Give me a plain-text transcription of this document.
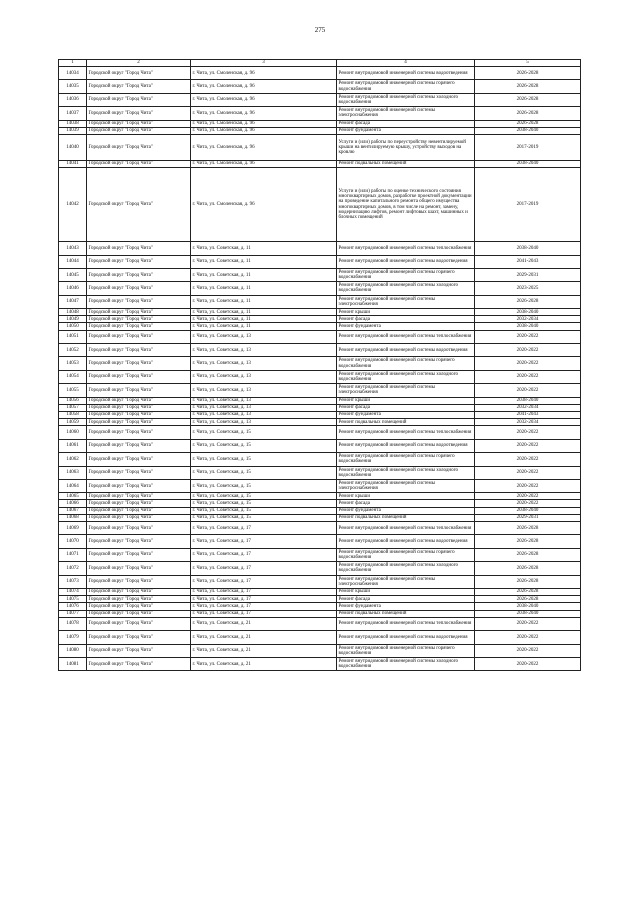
275
1	2	3	4	5
14034	Городской округ "Город Чита"	г. Чита, ул. Смоленская, д. 96	Ремонт внутридомовой инженерной системы водоотведения	2026-2028
14035	Городской округ "Город Чита"	г. Чита, ул. Смоленская, д. 96	Ремонт внутридомовой инженерной системы горячего водоснабжения	2026-2028
14036	Городской округ "Город Чита"	г. Чита, ул. Смоленская, д. 96	Ремонт внутридомовой инженерной системы холодного водоснабжения	2026-2028
14037	Городской округ "Город Чита"	г. Чита, ул. Смоленская, д. 96	Ремонт внутридомовой инженерной системы электроснабжения	2026-2028
14038	Городской округ "Город Чита"	г. Чита, ул. Смоленская, д. 96	Ремонт фасада	2026-2028
14039	Городской округ "Город Чита"	г. Чита, ул. Смоленская, д. 96	Ремонт фундамента	2038-2040
14040	Городской округ "Город Чита"	г. Чита, ул. Смоленская, д. 96	Услуги и (или) работы по переустройству невентилируемой крыши на вентилируемую крышу, устройству выходов на кровлю	2017-2019
14041	Городской округ "Город Чита"	г. Чита, ул. Смоленская, д. 96	Ремонт подвальных помещений	2038-2040
14042	Городской округ "Город Чита"	г. Чита, ул. Смоленская, д. 96	Услуги и (или) работы по оценке технического состояния многоквартирных домов, разработке проектной документации на проведение капитального ремонта общего имущества многоквартирных домов, в том числе на ремонт, замену, модернизацию лифтов, ремонт лифтовых шахт, машинных и блочных помещений	2017-2019
14043	Городской округ "Город Чита"	г. Чита, ул. Советская, д. 11	Ремонт внутридомовой инженерной системы теплоснабжения	2038-2040
14044	Городской округ "Город Чита"	г. Чита, ул. Советская, д. 11	Ремонт внутридомовой инженерной системы водоотведения	2041-2043
14045	Городской округ "Город Чита"	г. Чита, ул. Советская, д. 11	Ремонт внутридомовой инженерной системы горячего водоснабжения	2029-2031
14046	Городской округ "Город Чита"	г. Чита, ул. Советская, д. 11	Ремонт внутридомовой инженерной системы холодного водоснабжения	2023-2025
14047	Городской округ "Город Чита"	г. Чита, ул. Советская, д. 11	Ремонт внутридомовой инженерной системы электроснабжения	2026-2028
14048	Городской округ "Город Чита"	г. Чита, ул. Советская, д. 11	Ремонт крыши	2038-2040
14049	Городской округ "Город Чита"	г. Чита, ул. Советская, д. 11	Ремонт фасада	2032-2034
14050	Городской округ "Город Чита"	г. Чита, ул. Советская, д. 11	Ремонт фундамента	2038-2040
14051	Городской округ "Город Чита"	г. Чита, ул. Советская, д. 13	Ремонт внутридомовой инженерной системы теплоснабжения	2020-2022
14052	Городской округ "Город Чита"	г. Чита, ул. Советская, д. 13	Ремонт внутридомовой инженерной системы водоотведения	2020-2022
14053	Городской округ "Город Чита"	г. Чита, ул. Советская, д. 13	Ремонт внутридомовой инженерной системы горячего водоснабжения	2020-2022
14054	Городской округ "Город Чита"	г. Чита, ул. Советская, д. 13	Ремонт внутридомовой инженерной системы холодного водоснабжения	2020-2022
14055	Городской округ "Город Чита"	г. Чита, ул. Советская, д. 13	Ремонт внутридомовой инженерной системы электроснабжения	2020-2022
14056	Городской округ "Город Чита"	г. Чита, ул. Советская, д. 13	Ремонт крыши	2038-2040
14057	Городской округ "Город Чита"	г. Чита, ул. Советская, д. 13	Ремонт фасада	2032-2034
14058	Городской округ "Город Чита"	г. Чита, ул. Советская, д. 13	Ремонт фундамента	2041-2043
14059	Городской округ "Город Чита"	г. Чита, ул. Советская, д. 13	Ремонт подвальных помещений	2032-2034
14060	Городской округ "Город Чита"	г. Чита, ул. Советская, д. 15	Ремонт внутридомовой инженерной системы теплоснабжения	2020-2022
14061	Городской округ "Город Чита"	г. Чита, ул. Советская, д. 15	Ремонт внутридомовой инженерной системы водоотведения	2020-2022
14062	Городской округ "Город Чита"	г. Чита, ул. Советская, д. 15	Ремонт внутридомовой инженерной системы горячего водоснабжения	2020-2022
14063	Городской округ "Город Чита"	г. Чита, ул. Советская, д. 15	Ремонт внутридомовой инженерной системы холодного водоснабжения	2020-2022
14064	Городской округ "Город Чита"	г. Чита, ул. Советская, д. 15	Ремонт внутридомовой инженерной системы электроснабжения	2020-2022
14065	Городской округ "Город Чита"	г. Чита, ул. Советская, д. 15	Ремонт крыши	2020-2022
14066	Городской округ "Город Чита"	г. Чита, ул. Советская, д. 15	Ремонт фасада	2020-2022
14067	Городской округ "Город Чита"	г. Чита, ул. Советская, д. 15	Ремонт фундамента	2038-2040
14068	Городской округ "Город Чита"	г. Чита, ул. Советская, д. 15	Ремонт подвальных помещений	2029-2031
14069	Городской округ "Город Чита"	г. Чита, ул. Советская, д. 17	Ремонт внутридомовой инженерной системы теплоснабжения	2026-2028
14070	Городской округ "Город Чита"	г. Чита, ул. Советская, д. 17	Ремонт внутридомовой инженерной системы водоотведения	2026-2028
14071	Городской округ "Город Чита"	г. Чита, ул. Советская, д. 17	Ремонт внутридомовой инженерной системы горячего водоснабжения	2026-2028
14072	Городской округ "Город Чита"	г. Чита, ул. Советская, д. 17	Ремонт внутридомовой инженерной системы холодного водоснабжения	2026-2028
14073	Городской округ "Город Чита"	г. Чита, ул. Советская, д. 17	Ремонт внутридомовой инженерной системы электроснабжения	2026-2028
14074	Городской округ "Город Чита"	г. Чита, ул. Советская, д. 17	Ремонт крыши	2026-2028
14075	Городской округ "Город Чита"	г. Чита, ул. Советская, д. 17	Ремонт фасада	2026-2028
14076	Городской округ "Город Чита"	г. Чита, ул. Советская, д. 17	Ремонт фундамента	2038-2040
14077	Городской округ "Город Чита"	г. Чита, ул. Советская, д. 17	Ремонт подвальных помещений	2038-2040
14078	Городской округ "Город Чита"	г. Чита, ул. Советская, д. 21	Ремонт внутридомовой инженерной системы теплоснабжения	2020-2022
14079	Городской округ "Город Чита"	г. Чита, ул. Советская, д. 21	Ремонт внутридомовой инженерной системы водоотведения	2020-2022
14080	Городской округ "Город Чита"	г. Чита, ул. Советская, д. 21	Ремонт внутридомовой инженерной системы горячего водоснабжения	2020-2022
14081	Городской округ "Город Чита"	г. Чита, ул. Советская, д. 21	Ремонт внутридомовой инженерной системы холодного водоснабжения	2020-2022
